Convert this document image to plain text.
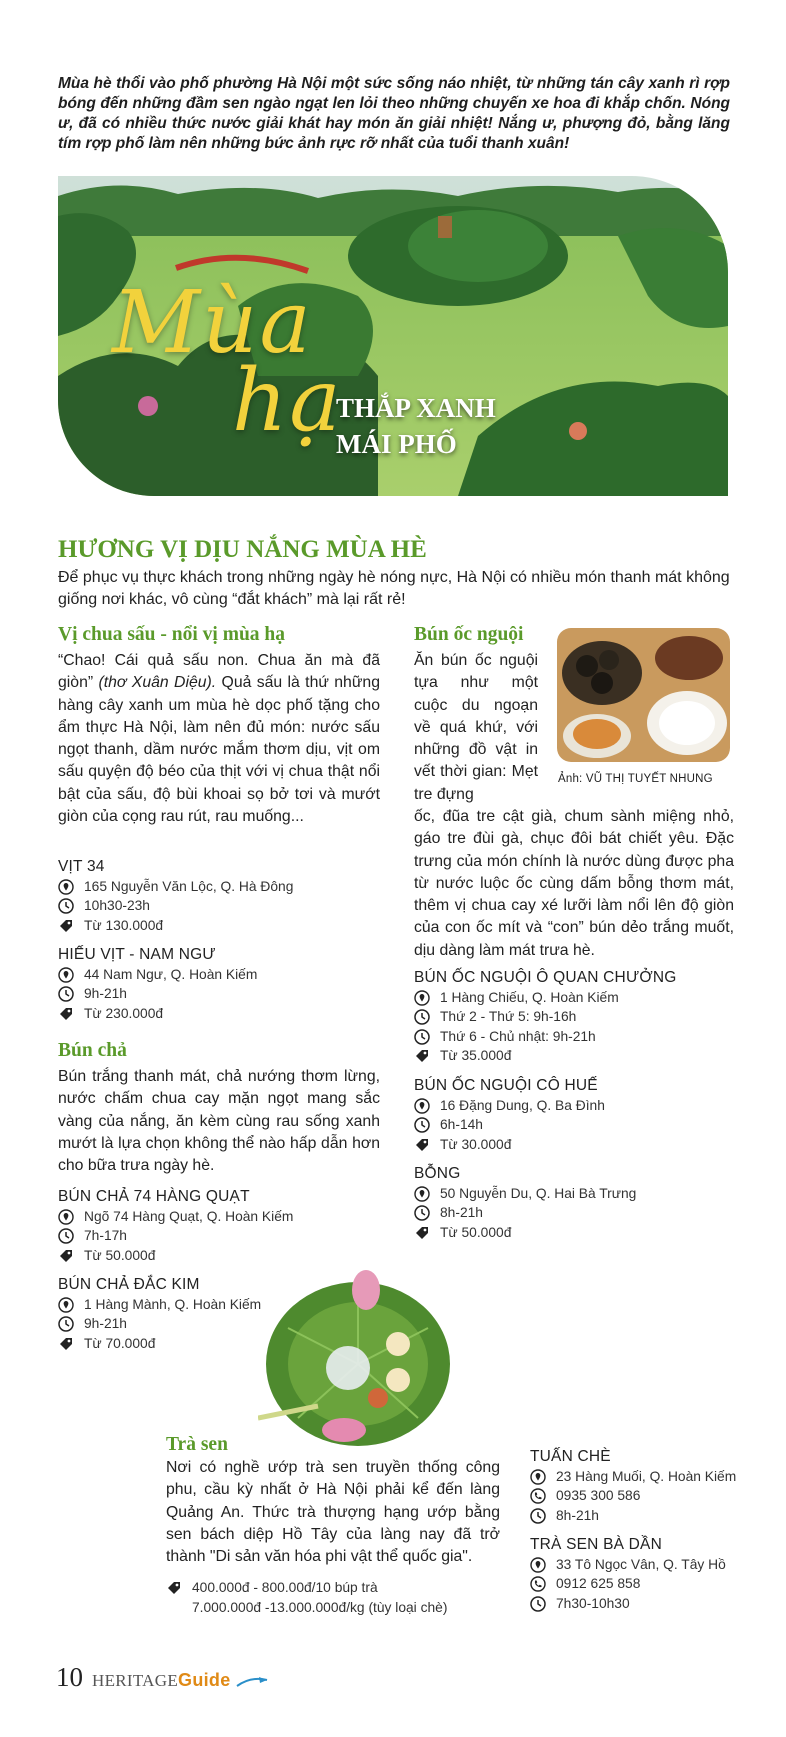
Mùa hè thổi vào phố phường Hà Nội một sức sống náo nhiệt, từ những tán cây xanh rì rợp bóng đến những đầm sen ngào ngạt len lỏi theo những chuyến xe hoa đi khắp chốn. Nóng ư, đã có nhiều thức nước giải khát hay món ăn giải nhiệt! Nắng ư, phượng đỏ, bằng lăng tím rợp phố làm nên những bức ảnh rực rỡ nhất của tuổi thanh xuân!
Mùa
hạ
THẮP XANH
MÁI PHỐ
HƯƠNG VỊ DỊU NẮNG MÙA HÈ
Để phục vụ thực khách trong những ngày hè nóng nực, Hà Nội có nhiều món thanh mát không giống nơi khác, vô cùng “đắt khách” mà lại rất rẻ!
Vị chua sấu - nổi vị mùa hạ
“Chao! Cái quả sấu non. Chua ăn mà đã giòn” (thơ Xuân Diệu). Quả sấu là thứ những hàng cây xanh um mùa hè dọc phố tặng cho ẩm thực Hà Nội, làm nên đủ món: nước sấu ngọt thanh, dầm nước mắm thơm dịu, vịt om sấu quyện độ béo của thịt với vị chua thật nổi bật của sấu, độ bùi khoai sọ bở tơi và mướt giòn của cọng rau rút, rau muống...
VỊT 34
165 Nguyễn Văn Lộc, Q. Hà Đông
10h30-23h
Từ 130.000đ
HIẾU VỊT - NAM NGƯ
44 Nam Ngư, Q. Hoàn Kiếm
9h-21h
Từ 230.000đ
Bún chả
Bún trắng thanh mát, chả nướng thơm lừng, nước chấm chua cay mặn ngọt mang sắc vàng của nắng, ăn kèm cùng rau sống xanh mướt là lựa chọn không thể nào hấp dẫn hơn cho bữa trưa ngày hè.
BÚN CHẢ 74 HÀNG QUẠT
Ngõ 74 Hàng Quạt, Q. Hoàn Kiếm
7h-17h
Từ 50.000đ
BÚN CHẢ ĐẮC KIM
1 Hàng Mành, Q. Hoàn Kiếm
9h-21h
Từ 70.000đ
Bún ốc nguội
Ăn bún ốc nguội tựa như một cuộc du ngoạn về quá khứ, với những đồ vật in vết thời gian: Mẹt tre đựng
Ảnh: VŨ THỊ TUYẾT NHUNG
ốc, đũa tre cật già, chum sành miệng nhỏ, gáo tre đùi gà, chục đôi bát chiết yêu. Đặc trưng của món chính là nước dùng được pha từ nước luộc ốc cùng dấm bỗng thơm mát, thêm vị chua cay xé lưỡi làm nổi lên độ giòn của con ốc mít và “con” bún dẻo trắng muốt, dịu dàng làm mát trưa hè.
BÚN ỐC NGUỘI Ô QUAN CHƯỞNG
1 Hàng Chiếu, Q. Hoàn Kiếm
Thứ 2 - Thứ 5: 9h-16h
Thứ 6 - Chủ nhật: 9h-21h
Từ 35.000đ
BÚN ỐC NGUỘI CÔ HUẾ
16 Đặng Dung, Q. Ba Đình
6h-14h
Từ 30.000đ
BỖNG
50 Nguyễn Du, Q. Hai Bà Trưng
8h-21h
Từ 50.000đ
Trà sen
Nơi có nghề ướp trà sen truyền thống công phu, cầu kỳ nhất ở Hà Nội phải kể đến làng Quảng An. Thức trà thượng hạng ướp bằng sen bách diệp Hồ Tây của làng nay đã trở thành "Di sản văn hóa phi vật thể quốc gia".
400.000đ - 800.00đ/10 búp trà
7.000.000đ -13.000.000đ/kg (tùy loại chè)
TUẤN CHÈ
23 Hàng Muối, Q. Hoàn Kiếm
0935 300 586
8h-21h
TRÀ SEN BÀ DẦN
33 Tô Ngọc Vân, Q. Tây Hồ
0912 625 858
7h30-10h30
10 HERITAGEGuide
